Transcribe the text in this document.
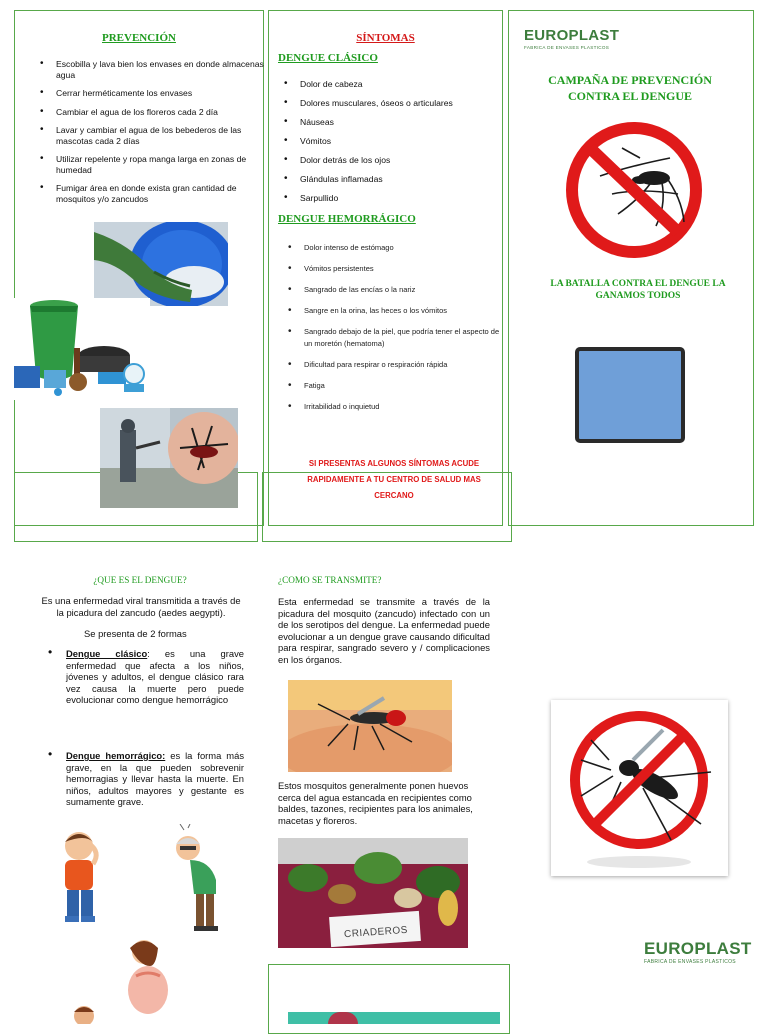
PREVENCIÓN
• Escobilla y lava bien los envases en donde almacenas agua
• Cerrar herméticamente los envases
• Cambiar el agua de los floreros cada 2 día
• Lavar y cambiar el agua de los bebederos de las mascotas cada 2 días
• Utilizar repelente y ropa manga larga en zonas de humedad
• Fumigar área en donde exista gran cantidad de mosquitos y/o zancudos
SÍNTOMAS
DENGUE CLÁSICO
• Dolor de cabeza
• Dolores musculares, óseos o articulares
• Náuseas
• Vómitos
• Dolor detrás de los ojos
• Glándulas inflamadas
• Sarpullido
DENGUE HEMORRÁGICO
• Dolor intenso de estómago
• Vómitos persistentes
• Sangrado de las encías o la nariz
• Sangre en la orina, las heces o los vómitos
• Sangrado debajo de la piel, que podría tener el aspecto de un moretón (hematoma)
• Dificultad para respirar o respiración rápida
• Fatiga
• Irritabilidad o inquietud
SI PRESENTAS ALGUNOS SÍNTOMAS ACUDE RAPIDAMENTE A TU CENTRO DE SALUD MAS CERCANO
EUROPLAST
FABRICA DE ENVASES PLASTICOS
CAMPAÑA DE PREVENCIÓN CONTRA EL DENGUE
LA BATALLA CONTRA EL DENGUE LA GANAMOS TODOS
¿QUE ES EL DENGUE?
Es una enfermedad viral transmitida a través de la picadura del zancudo (aedes aegypti).
Se presenta de 2 formas
• Dengue clásico: es una grave enfermedad que afecta a los niños, jóvenes y adultos, el dengue clásico rara vez causa la muerte pero puede evolucionar como dengue hemorrágico
• Dengue hemorrágico: es la forma más grave, en la que pueden sobrevenir hemorragias y llevar hasta la muerte. En niños, adultos mayores y gestante es sumamente grave.
¿COMO SE TRANSMITE?
Esta enfermedad se transmite a través de la picadura del mosquito (zancudo) infectado con un de los serotipos del dengue. La enfermedad puede evolucionar a un dengue grave causando dificultad para respirar, sangrado severo y / complicaciones en los órganos.
Estos mosquitos generalmente ponen huevos cerca del agua estancada en recipientes como baldes, tazones, recipientes para los animales, macetas y floreros.
CRIADEROS
EUROPLAST
FABRICA DE ENVASES PLASTICOS
